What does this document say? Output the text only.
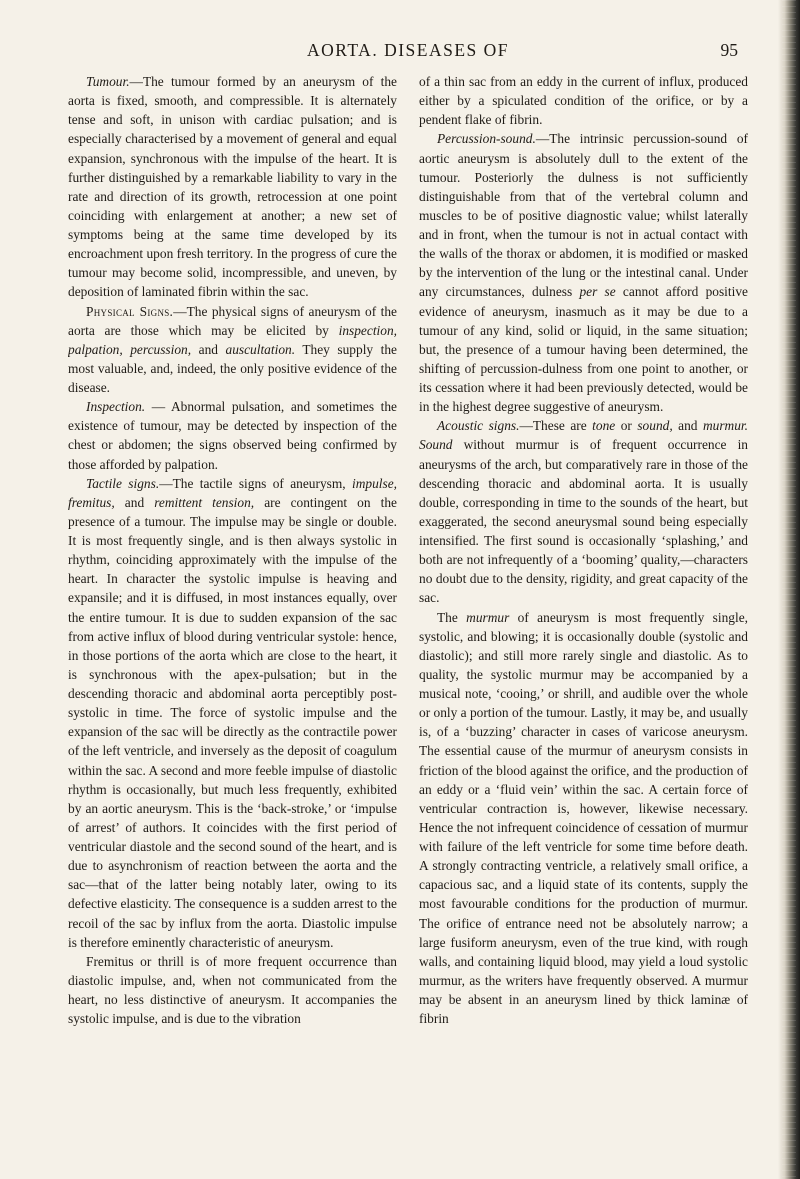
AORTA. DISEASES OF	95

Tumour.—The tumour formed by an aneurysm of the aorta is fixed, smooth, and compressible. It is alternately tense and soft, in unison with cardiac pulsation; and is especially characterised by a movement of general and equal expansion, synchronous with the impulse of the heart. It is further distinguished by a remarkable liability to vary in the rate and direction of its growth, retrocession at one point coinciding with enlargement at another; a new set of symptoms being at the same time developed by its encroachment upon fresh territory. In the progress of cure the tumour may become solid, incompressible, and uneven, by deposition of laminated fibrin within the sac.

Physical Signs.—The physical signs of aneurysm of the aorta are those which may be elicited by inspection, palpation, percussion, and auscultation. They supply the most valuable, and, indeed, the only positive evidence of the disease.

Inspection. — Abnormal pulsation, and sometimes the existence of tumour, may be detected by inspection of the chest or abdomen; the signs observed being confirmed by those afforded by palpation.

Tactile signs.—The tactile signs of aneurysm, impulse, fremitus, and remittent tension, are contingent on the presence of a tumour. The impulse may be single or double. It is most frequently single, and is then always systolic in rhythm, coinciding approximately with the impulse of the heart. In character the systolic impulse is heaving and expansile; and it is diffused, in most instances equally, over the entire tumour. It is due to sudden expansion of the sac from active influx of blood during ventricular systole: hence, in those portions of the aorta which are close to the heart, it is synchronous with the apex-pulsation; but in the descending thoracic and abdominal aorta perceptibly post-systolic in time. The force of systolic impulse and the expansion of the sac will be directly as the contractile power of the left ventricle, and inversely as the deposit of coagulum within the sac. A second and more feeble impulse of diastolic rhythm is occasionally, but much less frequently, exhibited by an aortic aneurysm. This is the ‘back-stroke,’ or ‘impulse of arrest’ of authors. It coincides with the first period of ventricular diastole and the second sound of the heart, and is due to asynchronism of reaction between the aorta and the sac—that of the latter being notably later, owing to its defective elasticity. The consequence is a sudden arrest to the recoil of the sac by influx from the aorta. Diastolic impulse is therefore eminently characteristic of aneurysm.

Fremitus or thrill is of more frequent occurrence than diastolic impulse, and, when not communicated from the heart, no less distinctive of aneurysm. It accompanies the systolic impulse, and is due to the vibration

of a thin sac from an eddy in the current of influx, produced either by a spiculated condition of the orifice, or by a pendent flake of fibrin.

Percussion-sound.—The intrinsic percussion-sound of aortic aneurysm is absolutely dull to the extent of the tumour. Posteriorly the dulness is not sufficiently distinguishable from that of the vertebral column and muscles to be of positive diagnostic value; whilst laterally and in front, when the tumour is not in actual contact with the walls of the thorax or abdomen, it is modified or masked by the intervention of the lung or the intestinal canal. Under any circumstances, dulness per se cannot afford positive evidence of aneurysm, inasmuch as it may be due to a tumour of any kind, solid or liquid, in the same situation; but, the presence of a tumour having been determined, the shifting of percussion-dulness from one point to another, or its cessation where it had been previously detected, would be in the highest degree suggestive of aneurysm.

Acoustic signs.—These are tone or sound, and murmur. Sound without murmur is of frequent occurrence in aneurysms of the arch, but comparatively rare in those of the descending thoracic and abdominal aorta. It is usually double, corresponding in time to the sounds of the heart, but exaggerated, the second aneurysmal sound being especially intensified. The first sound is occasionally ‘splashing,’ and both are not infrequently of a ‘booming’ quality,—characters no doubt due to the density, rigidity, and great capacity of the sac.

The murmur of aneurysm is most frequently single, systolic, and blowing; it is occasionally double (systolic and diastolic); and still more rarely single and diastolic. As to quality, the systolic murmur may be accompanied by a musical note, ‘cooing,’ or shrill, and audible over the whole or only a portion of the tumour. Lastly, it may be, and usually is, of a ‘buzzing’ character in cases of varicose aneurysm. The essential cause of the murmur of aneurysm consists in friction of the blood against the orifice, and the production of an eddy or a ‘fluid vein’ within the sac. A certain force of ventricular contraction is, however, likewise necessary. Hence the not infrequent coincidence of cessation of murmur with failure of the left ventricle for some time before death. A strongly contracting ventricle, a relatively small orifice, a capacious sac, and a liquid state of its contents, supply the most favourable conditions for the production of murmur. The orifice of entrance need not be absolutely narrow; a large fusiform aneurysm, even of the true kind, with rough walls, and containing liquid blood, may yield a loud systolic murmur, as the writers have frequently observed. A murmur may be absent in an aneurysm lined by thick laminæ of fibrin
